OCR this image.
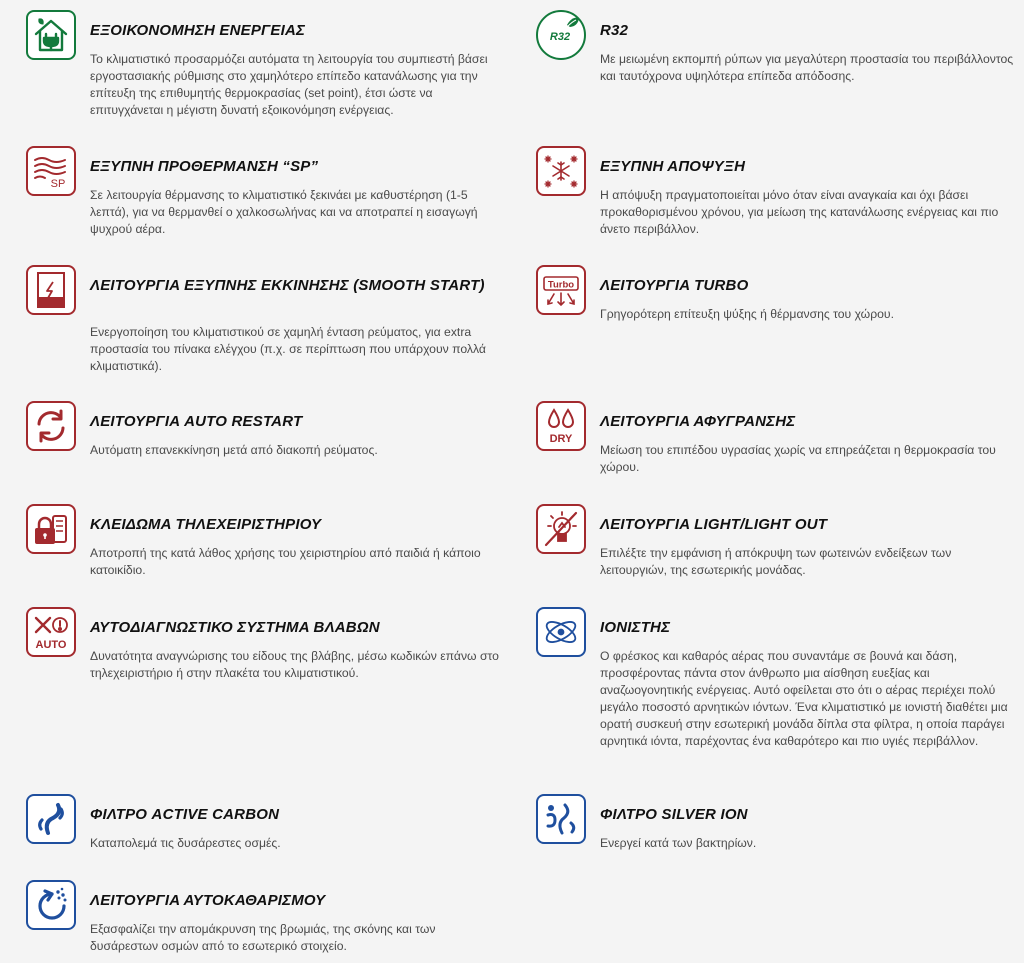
ΕΞΟΙΚΟΝΟΜΗΣΗ ΕΝΕΡΓΕΙΑΣ

Το κλιματιστικό προσαρμόζει αυτόματα τη λειτουργία του συμπιεστή βάσει εργοστασιακής ρύθμισης στο χαμηλότερο επίπεδο κατανάλωσης για την επίτευξη της επιθυμητής θερμοκρασίας (set point), έτσι ώστε να επιτυγχάνεται η μέγιστη δυνατή εξοικονόμηση ενέργειας.

R32 R32

Με μειωμένη εκπομπή ρύπων για μεγαλύτερη προστασία του περιβάλλοντος και ταυτόχρονα υψηλότερα επίπεδα απόδοσης.

SP
ΕΞΥΠΝΗ ΠΡΟΘΕΡΜΑΝΣΗ “SP”

Σε λειτουργία θέρμανσης το κλιματιστικό ξεκινάει με καθυστέρηση (1-5 λεπτά), για να θερμανθεί ο χαλκοσωλήνας και να αποτραπεί η εισαγωγή ψυχρού αέρα.

ΕΞΥΠΝΗ ΑΠΟΨΥΞΗ

Η απόψυξη πραγματοποιείται μόνο όταν είναι αναγκαία και όχι βάσει προκαθορισμένου χρόνου, για μείωση της κατανάλωσης ενέργειας και πιο άνετο περιβάλλον.

ΛΕΙΤΟΥΡΓΙΑ ΕΞΥΠΝΗΣ ΕΚΚΙΝΗΣΗΣ (SMOOTH START)

Ενεργοποίηση του κλιματιστικού σε χαμηλή ένταση ρεύματος, για extra προστασία του πίνακα ελέγχου (π.χ. σε περίπτωση που υπάρχουν πολλά κλιματιστικά).

Turbo ΛΕΙΤΟΥΡΓΙΑ TURBO

Γρηγορότερη επίτευξη ψύξης ή θέρμανσης του χώρου.

ΛΕΙΤΟΥΡΓΙΑ AUTO RESTART

Αυτόματη επανεκκίνηση μετά από διακοπή ρεύματος.

DRY
ΛΕΙΤΟΥΡΓΙΑ ΑΦΥΓΡΑΝΣΗΣ

Μείωση του επιπέδου υγρασίας χωρίς να επηρεάζεται η θερμοκρασία του χώρου.

ΚΛΕΙΔΩΜΑ ΤΗΛΕΧΕΙΡΙΣΤΗΡΙΟΥ

Αποτροπή της κατά λάθος χρήσης του χειριστηρίου από παιδιά ή κάποιο κατοικίδιο.

ΛΕΙΤΟΥΡΓΙΑ LIGHT/LIGHT OUT

Επιλέξτε την εμφάνιση ή απόκρυψη των φωτεινών ενδείξεων των λειτουργιών, της εσωτερικής μονάδας.

AUTO
ΑΥΤΟΔΙΑΓΝΩΣΤΙΚΟ ΣΥΣΤΗΜΑ ΒΛΑΒΩΝ

Δυνατότητα αναγνώρισης του είδους της βλάβης, μέσω κωδικών επάνω στο τηλεχειριστήριο ή στην πλακέτα του κλιματιστικού.

ΙΟΝΙΣΤΗΣ

Ο φρέσκος και καθαρός αέρας που συναντάμε σε βουνά και δάση, προσφέροντας πάντα στον άνθρωπο μια αίσθηση ευεξίας και αναζωογονητικής ενέργειας. Αυτό οφείλεται στο ότι ο αέρας περιέχει πολύ μεγάλο ποσοστό αρνητικών ιόντων. Ένα κλιματιστικό με ιονιστή διαθέτει μια ορατή συσκευή στην εσωτερική μονάδα δίπλα στα φίλτρα, η οποία παράγει αρνητικά ιόντα, παρέχοντας ένα καθαρότερο και πιο υγιές περιβάλλον.

ΦΙΛΤΡΟ ACTIVE CARBON

Καταπολεμά τις δυσάρεστες οσμές.

ΦΙΛΤΡΟ SILVER ION

Ενεργεί κατά των βακτηρίων.

ΛΕΙΤΟΥΡΓΙΑ ΑΥΤΟΚΑΘΑΡΙΣΜΟΥ

Εξασφαλίζει την απομάκρυνση της βρωμιάς, της σκόνης και των δυσάρεστων οσμών από το εσωτερικό στοιχείο.
